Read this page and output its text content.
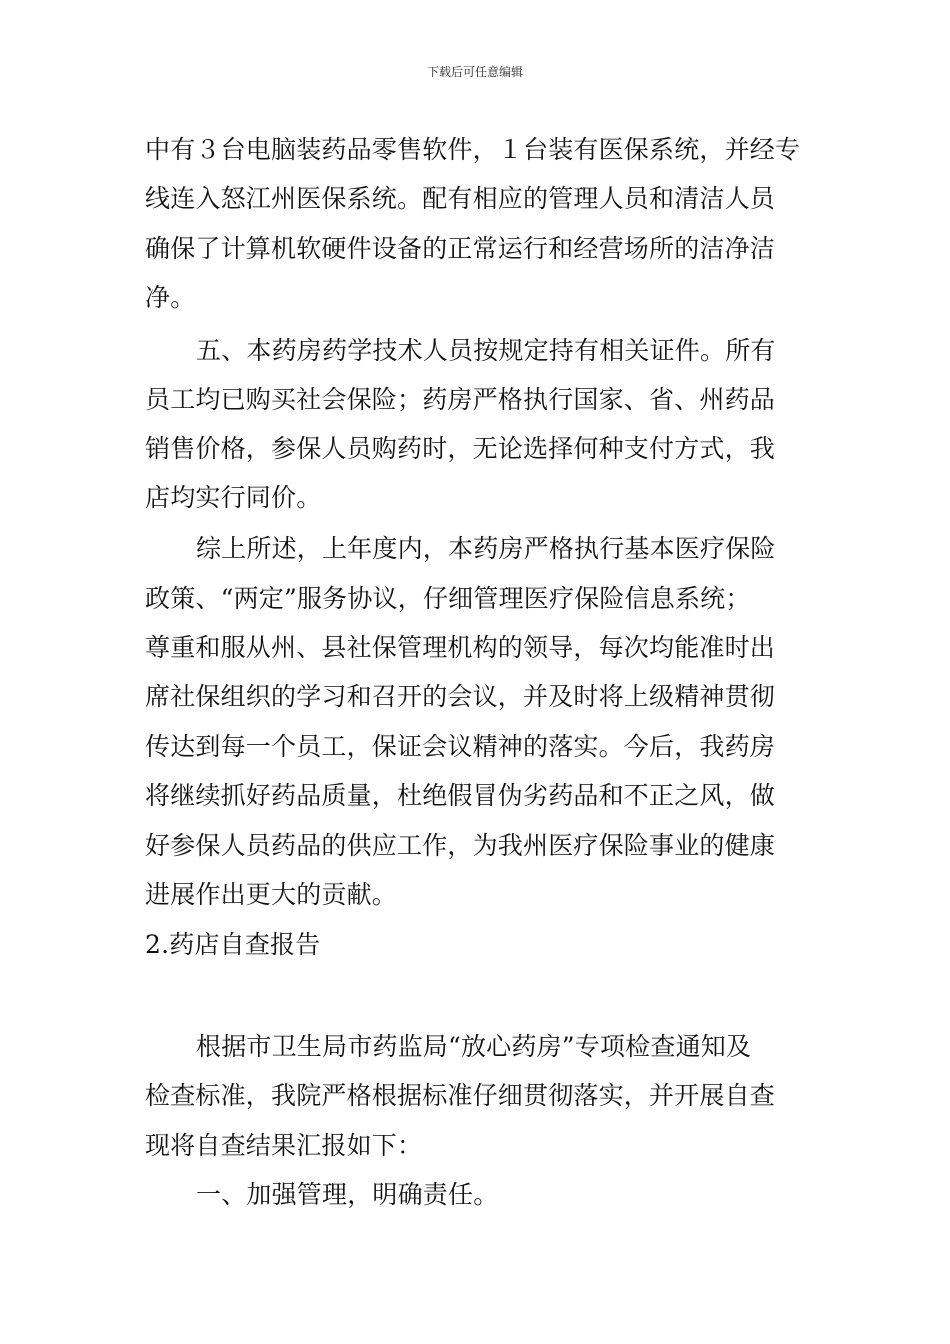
下载后可任意编辑
中有３台电脑装药品零售软件，１台装有医保系统，并经专
线连入怒江州医保系统。配有相应的管理人员和清洁人员
确保了计算机软硬件设备的正常运行和经营场所的洁净洁
净。
五、本药房药学技术人员按规定持有相关证件。所有
员工均已购买社会保险；药房严格执行国家、省、州药品
销售价格，参保人员购药时，无论选择何种支付方式，我
店均实行同价。
综上所述，上年度内，本药房严格执行基本医疗保险
政策、“两定”服务协议，仔细管理医疗保险信息系统；
尊重和服从州、县社保管理机构的领导，每次均能准时出
席社保组织的学习和召开的会议，并及时将上级精神贯彻
传达到每一个员工，保证会议精神的落实。今后，我药房
将继续抓好药品质量，杜绝假冒伪劣药品和不正之风，做
好参保人员药品的供应工作，为我州医疗保险事业的健康
进展作出更大的贡献。
2.药店自查报告
根据市卫生局市药监局“放心药房”专项检查通知及
检查标准，我院严格根据标准仔细贯彻落实，并开展自查
现将自查结果汇报如下：
一、加强管理，明确责任。
